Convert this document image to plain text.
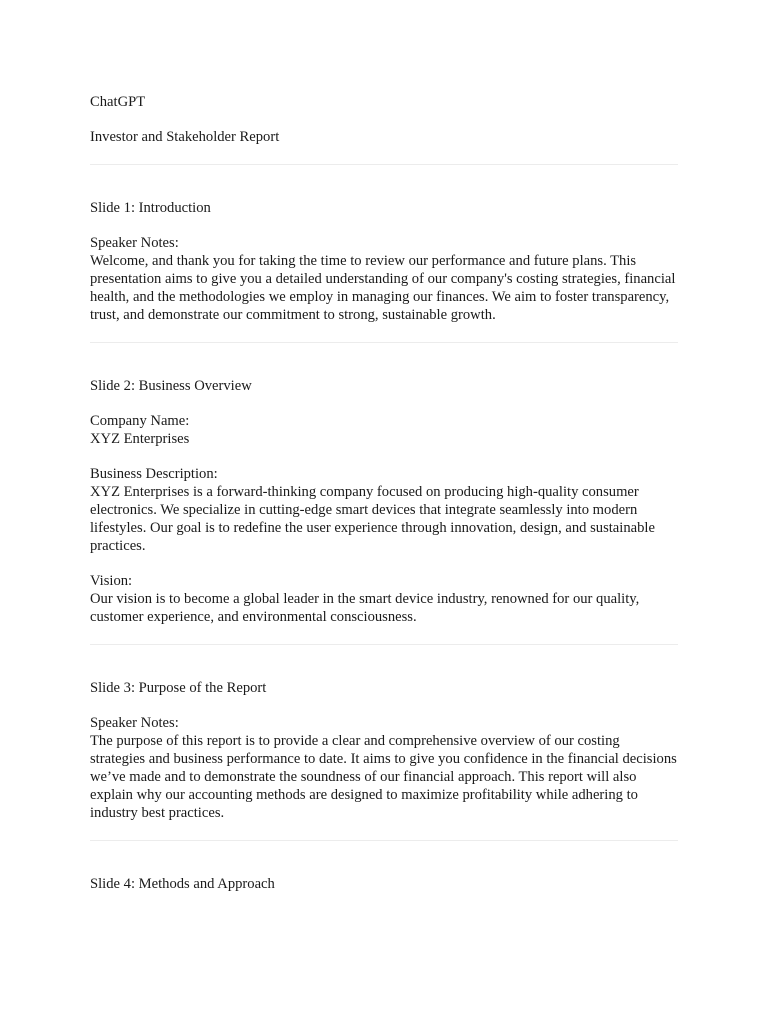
ChatGPT

Investor and Stakeholder Report

Slide 1: Introduction

Speaker Notes:

Welcome, and thank you for taking the time to review our performance and future plans. This presentation aims to give you a detailed understanding of our company's costing strategies, financial health, and the methodologies we employ in managing our finances. We aim to foster transparency, trust, and demonstrate our commitment to strong, sustainable growth.

Slide 2: Business Overview

Company Name:

XYZ Enterprises

Business Description:

XYZ Enterprises is a forward-thinking company focused on producing high-quality consumer electronics. We specialize in cutting-edge smart devices that integrate seamlessly into modern lifestyles. Our goal is to redefine the user experience through innovation, design, and sustainable practices.

Vision:

Our vision is to become a global leader in the smart device industry, renowned for our quality, customer experience, and environmental consciousness.

Slide 3: Purpose of the Report

Speaker Notes:

The purpose of this report is to provide a clear and comprehensive overview of our costing strategies and business performance to date. It aims to give you confidence in the financial decisions we’ve made and to demonstrate the soundness of our financial approach. This report will also explain why our accounting methods are designed to maximize profitability while adhering to industry best practices.

Slide 4: Methods and Approach
